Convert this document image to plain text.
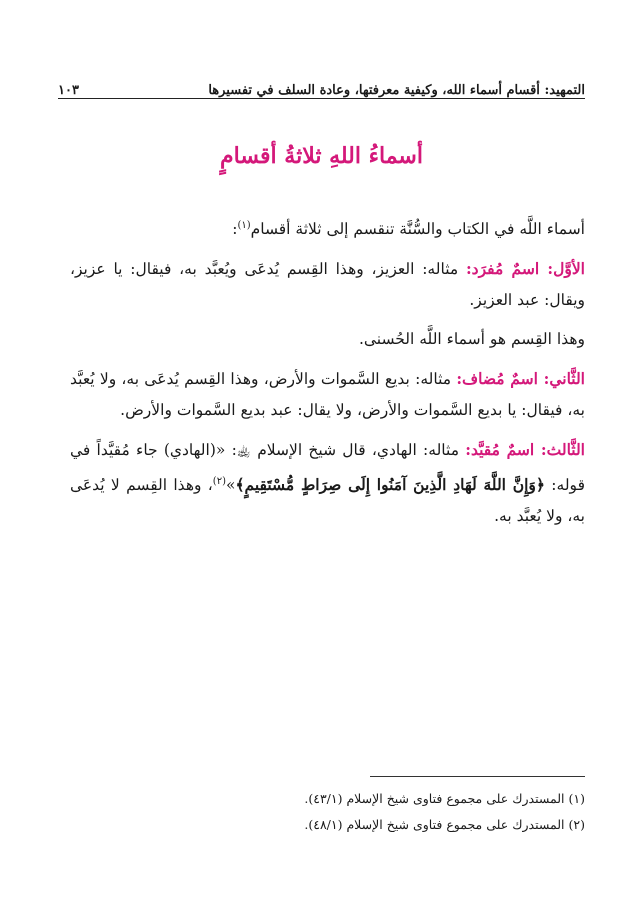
التمهيد: أقسام أسماء الله، وكيفية معرفتها، وعادة السلف في تفسيرها
١٠٣
أسماءُ اللهِ ثلاثةُ أقسامٍ

أسماء اللَّه في الكتاب والسُّنَّة تنقسم إلى ثلاثة أقسام$^{(١)}$:

الأوَّل: اسمٌ مُفرَد: مثاله: العزيز، وهذا القِسم يُدعَى ويُعبَّد به، فيقال: يا عزيز، ويقال: عبد العزيز.

وهذا القِسم هو أسماء اللَّه الحُسنى.

الثَّاني: اسمٌ مُضاف: مثاله: بديع السَّموات والأرض، وهذا القِسم يُدعَى به، ولا يُعبَّد به، فيقال: يا بديع السَّموات والأرض، ولا يقال: عبد بديع السَّموات والأرض.

الثَّالث: اسمٌ مُقيَّد: مثاله: الهادي، قال شيخ الإسلام ﵀: «(الهادي) جاء مُقيَّداً في قوله: ﴿وَإِنَّ اللَّهَ لَهَادِ الَّذِينَ آمَنُوا إِلَى صِرَاطٍ مُّسْتَقِيمٍ﴾»$^{(٢)}$، وهذا القِسم لا يُدعَى به، ولا يُعبَّد به.

(١) المستدرك على مجموع فتاوى شيخ الإسلام (٤٣/١).
(٢) المستدرك على مجموع فتاوى شيخ الإسلام (٤٨/١).
